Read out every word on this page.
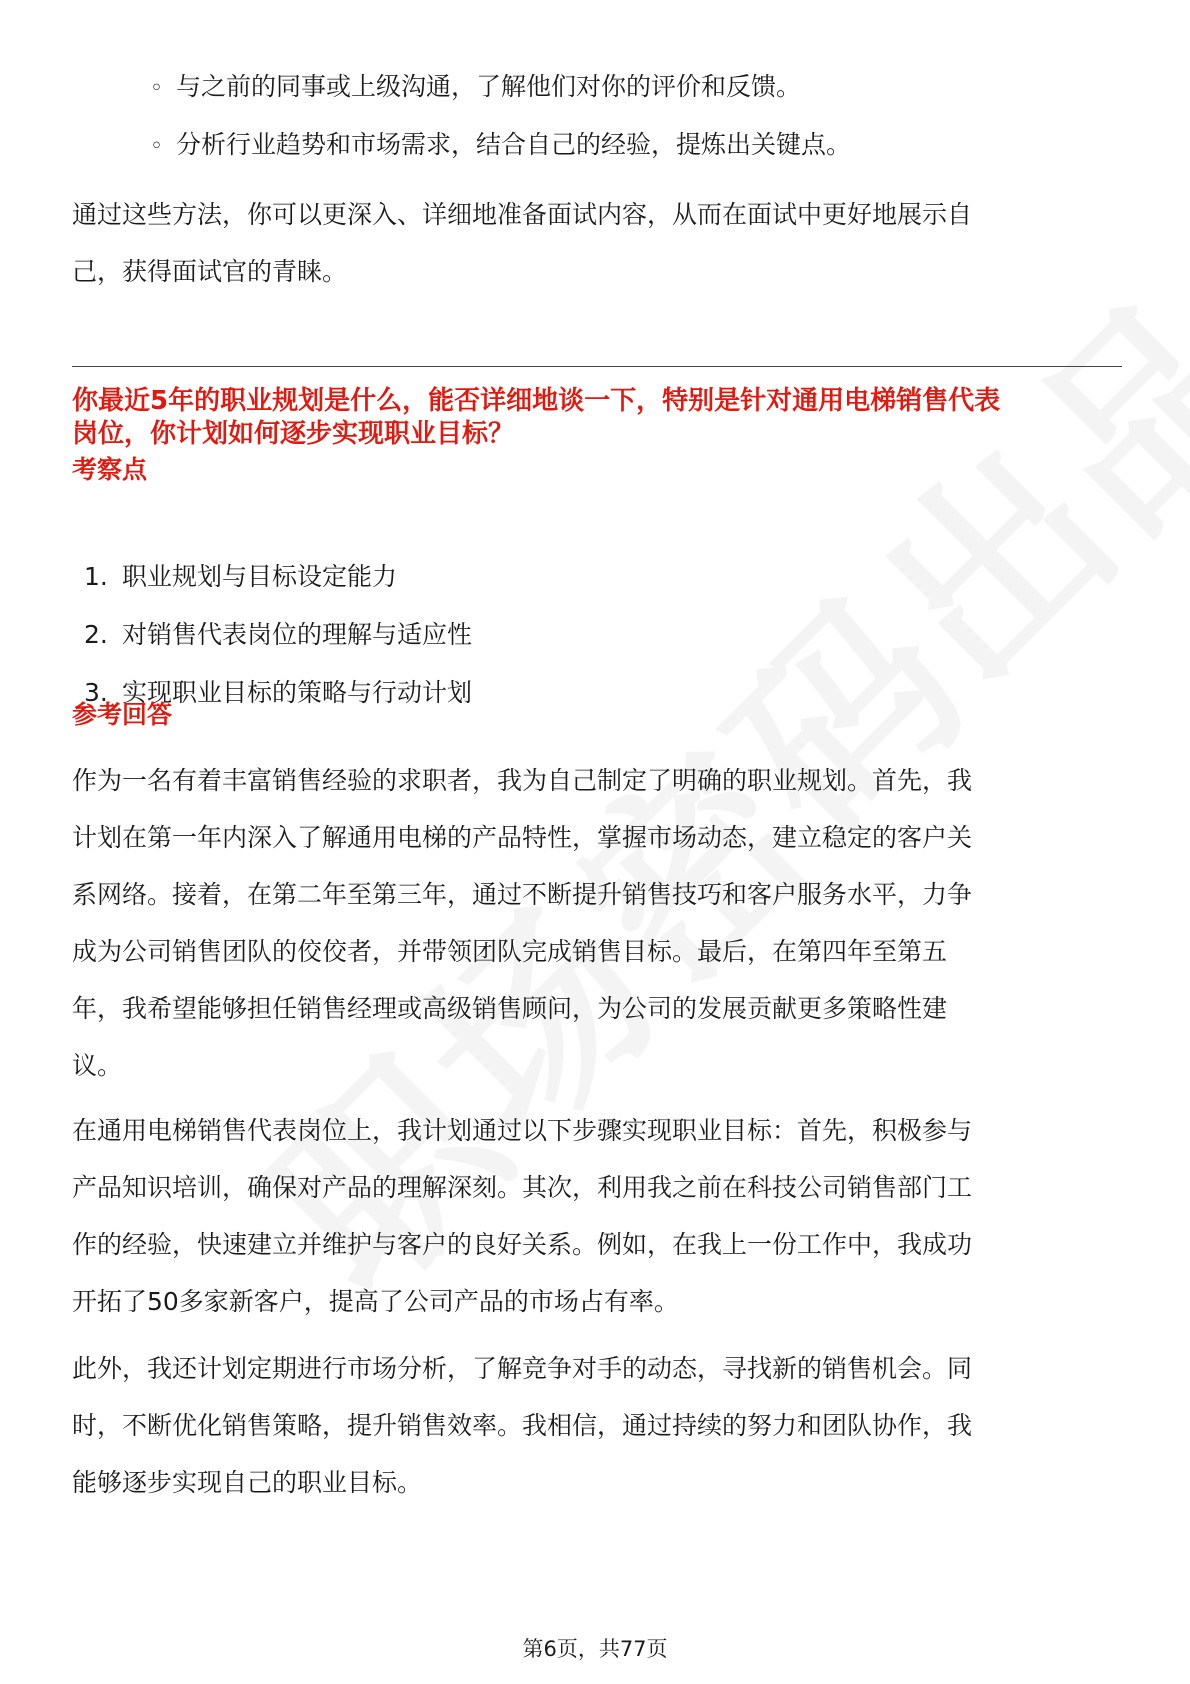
◦ 与之前的同事或上级沟通，了解他们对你的评价和反馈。
◦ 分析行业趋势和市场需求，结合自己的经验，提炼出关键点。

通过这些方法，你可以更深入、详细地准备面试内容，从而在面试中更好地展示自
己，获得面试官的青睐。

你最近5年的职业规划是什么，能否详细地谈一下，特别是针对通用电梯销售代表
岗位，你计划如何逐步实现职业目标？
考察点
1. 职业规划与目标设定能力
2. 对销售代表岗位的理解与适应性
3. 实现职业目标的策略与行动计划
参考回答

作为一名有着丰富销售经验的求职者，我为自己制定了明确的职业规划。首先，我
计划在第一年内深入了解通用电梯的产品特性，掌握市场动态，建立稳定的客户关
系网络。接着，在第二年至第三年，通过不断提升销售技巧和客户服务水平，力争
成为公司销售团队的佼佼者，并带领团队完成销售目标。最后，在第四年至第五
年，我希望能够担任销售经理或高级销售顾问，为公司的发展贡献更多策略性建
议。

在通用电梯销售代表岗位上，我计划通过以下步骤实现职业目标：首先，积极参与
产品知识培训，确保对产品的理解深刻。其次，利用我之前在科技公司销售部门工
作的经验，快速建立并维护与客户的良好关系。例如，在我上一份工作中，我成功
开拓了50多家新客户，提高了公司产品的市场占有率。

此外，我还计划定期进行市场分析，了解竞争对手的动态，寻找新的销售机会。同
时，不断优化销售策略，提升销售效率。我相信，通过持续的努力和团队协作，我
能够逐步实现自己的职业目标。

第6页，共77页
